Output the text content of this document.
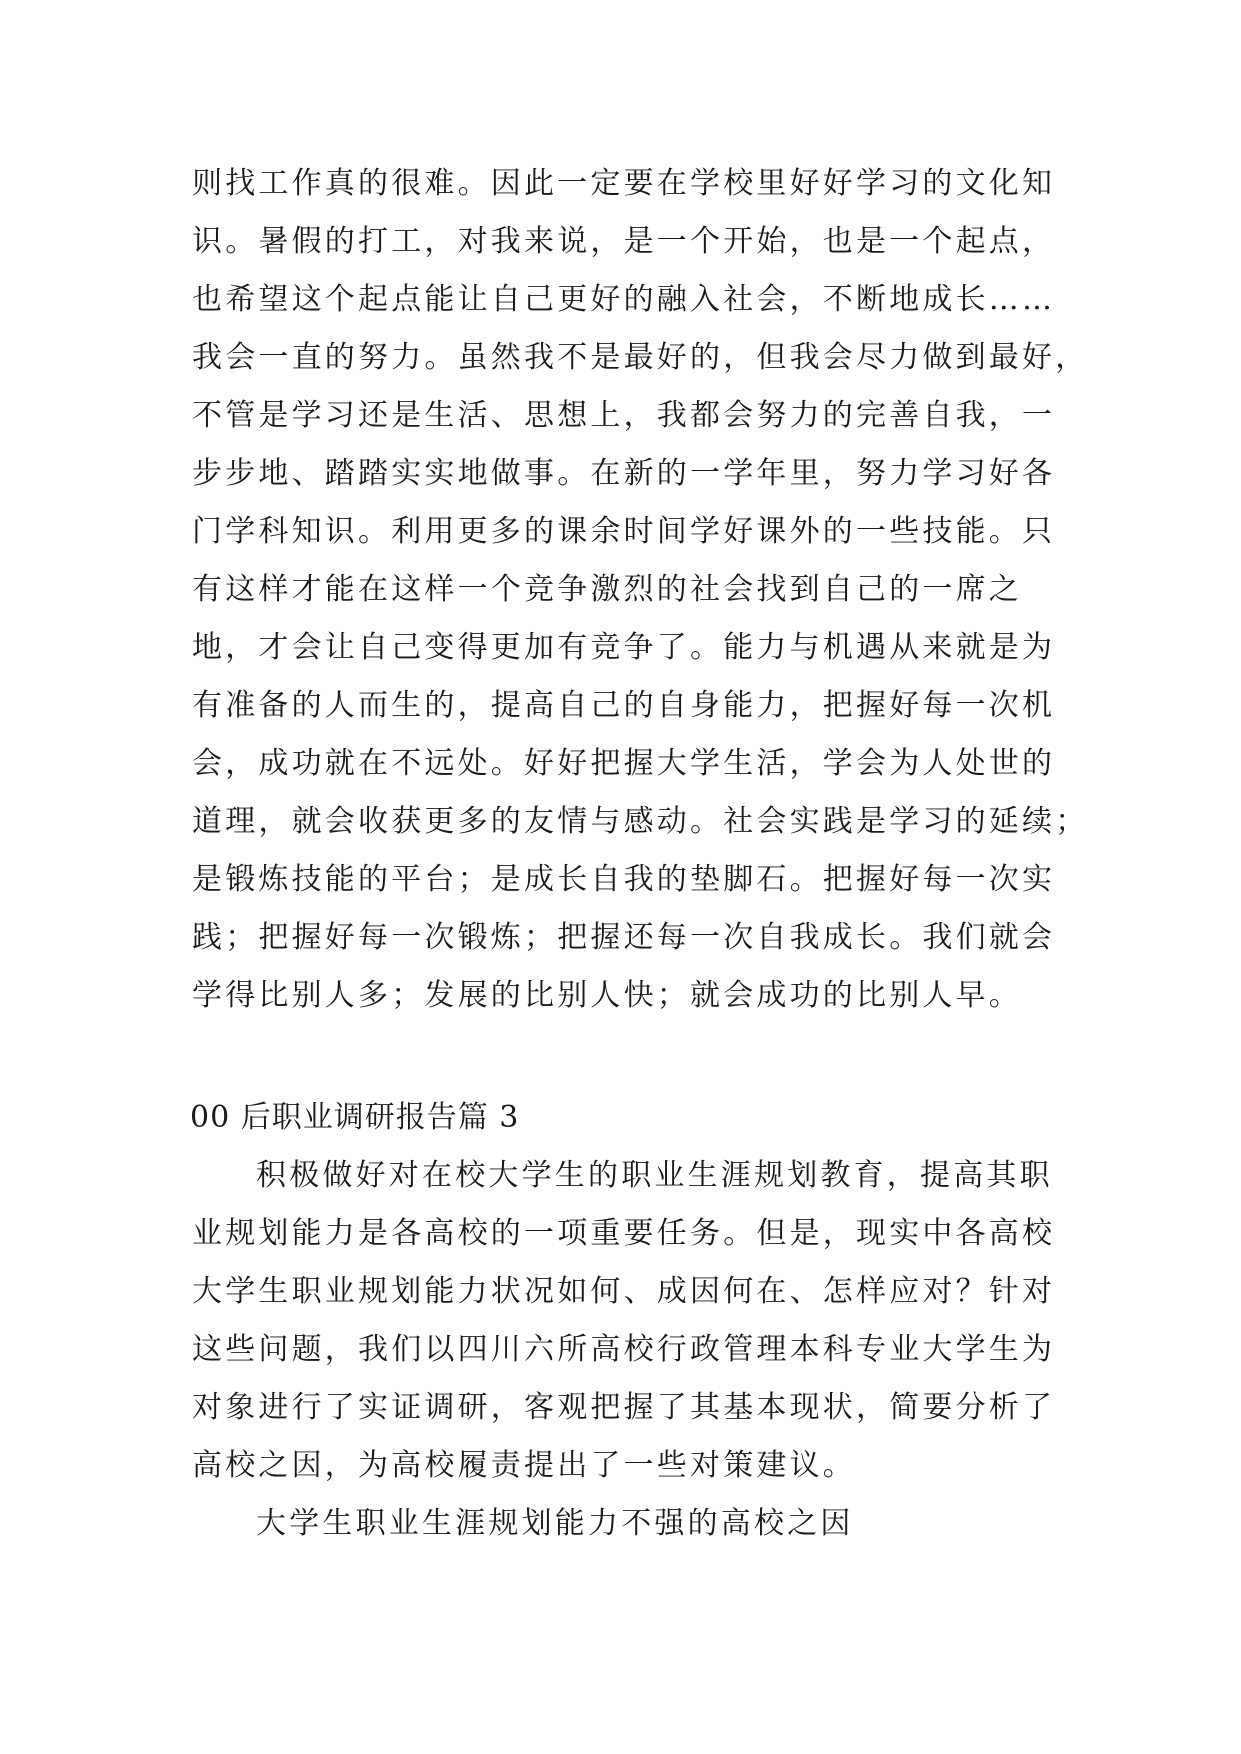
则找工作真的很难。因此一定要在学校里好好学习的文化知
识。暑假的打工，对我来说，是一个开始，也是一个起点，
也希望这个起点能让自己更好的融入社会，不断地成长……
我会一直的努力。虽然我不是最好的，但我会尽力做到最好，
不管是学习还是生活、思想上，我都会努力的完善自我，一
步步地、踏踏实实地做事。在新的一学年里，努力学习好各
门学科知识。利用更多的课余时间学好课外的一些技能。只
有这样才能在这样一个竞争激烈的社会找到自己的一席之
地，才会让自己变得更加有竞争了。能力与机遇从来就是为
有准备的人而生的，提高自己的自身能力，把握好每一次机
会，成功就在不远处。好好把握大学生活，学会为人处世的
道理，就会收获更多的友情与感动。社会实践是学习的延续；
是锻炼技能的平台；是成长自我的垫脚石。把握好每一次实
践；把握好每一次锻炼；把握还每一次自我成长。我们就会
学得比别人多；发展的比别人快；就会成功的比别人早。
00 后职业调研报告篇 3
积极做好对在校大学生的职业生涯规划教育，提高其职
业规划能力是各高校的一项重要任务。但是，现实中各高校
大学生职业规划能力状况如何、成因何在、怎样应对？针对
这些问题，我们以四川六所高校行政管理本科专业大学生为
对象进行了实证调研，客观把握了其基本现状，简要分析了
高校之因，为高校履责提出了一些对策建议。
大学生职业生涯规划能力不强的高校之因
